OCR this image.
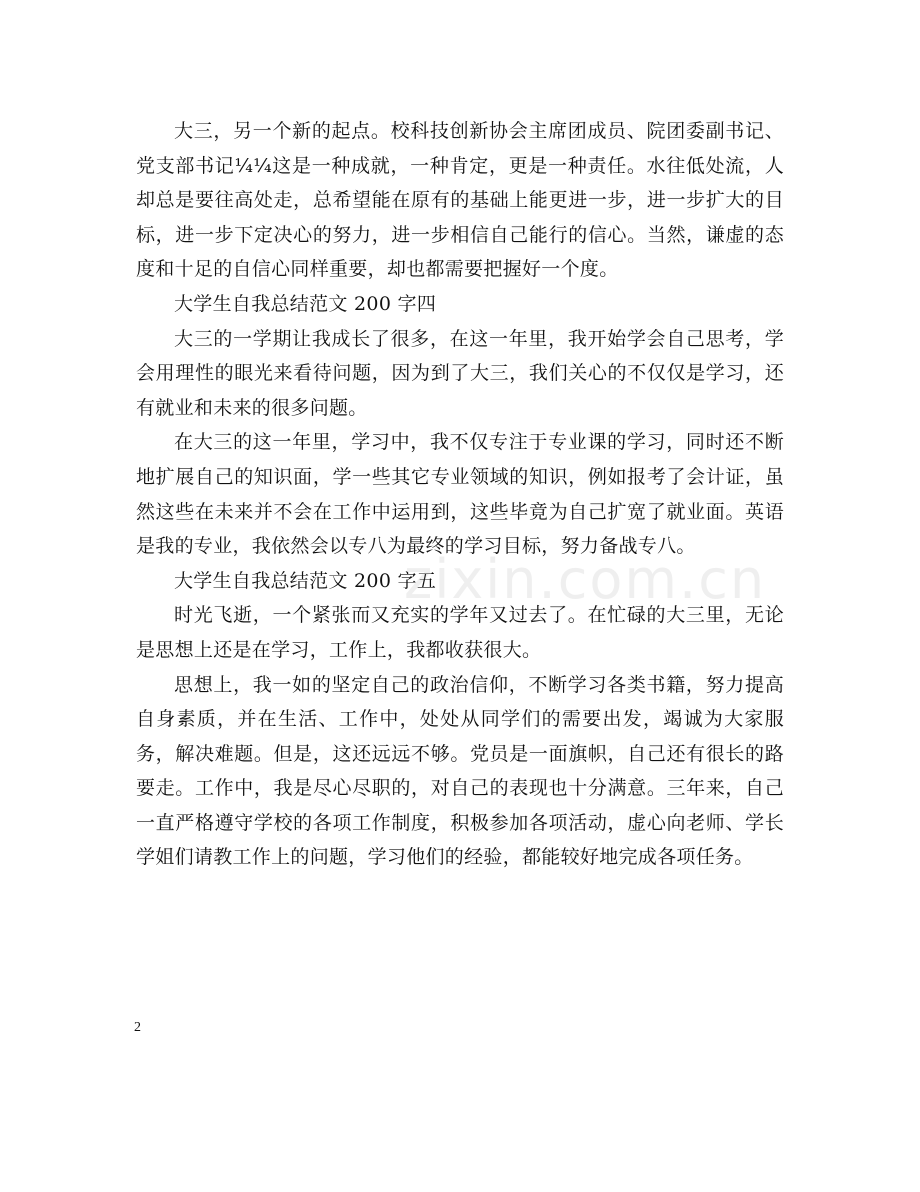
大三，另一个新的起点。校科技创新协会主席团成员、院团委副书记、党支部书记¼¼这是一种成就，一种肯定，更是一种责任。水往低处流，人却总是要往高处走，总希望能在原有的基础上能更进一步，进一步扩大的目标，进一步下定决心的努力，进一步相信自己能行的信心。当然，谦虚的态度和十足的自信心同样重要，却也都需要把握好一个度。

大学生自我总结范文 200 字四

大三的一学期让我成长了很多，在这一年里，我开始学会自己思考，学会用理性的眼光来看待问题，因为到了大三，我们关心的不仅仅是学习，还有就业和未来的很多问题。

在大三的这一年里，学习中，我不仅专注于专业课的学习，同时还不断地扩展自己的知识面，学一些其它专业领域的知识，例如报考了会计证，虽然这些在未来并不会在工作中运用到，这些毕竟为自己扩宽了就业面。英语是我的专业，我依然会以专八为最终的学习目标，努力备战专八。

大学生自我总结范文 200 字五

时光飞逝，一个紧张而又充实的学年又过去了。在忙碌的大三里，无论是思想上还是在学习，工作上，我都收获很大。

思想上，我一如的坚定自己的政治信仰，不断学习各类书籍，努力提高自身素质，并在生活、工作中，处处从同学们的需要出发，竭诚为大家服务，解决难题。但是，这还远远不够。党员是一面旗帜，自己还有很长的路要走。工作中，我是尽心尽职的，对自己的表现也十分满意。三年来，自己一直严格遵守学校的各项工作制度，积极参加各项活动，虚心向老师、学长学姐们请教工作上的问题，学习他们的经验，都能较好地完成各项任务。

zixin.com.cn
2
